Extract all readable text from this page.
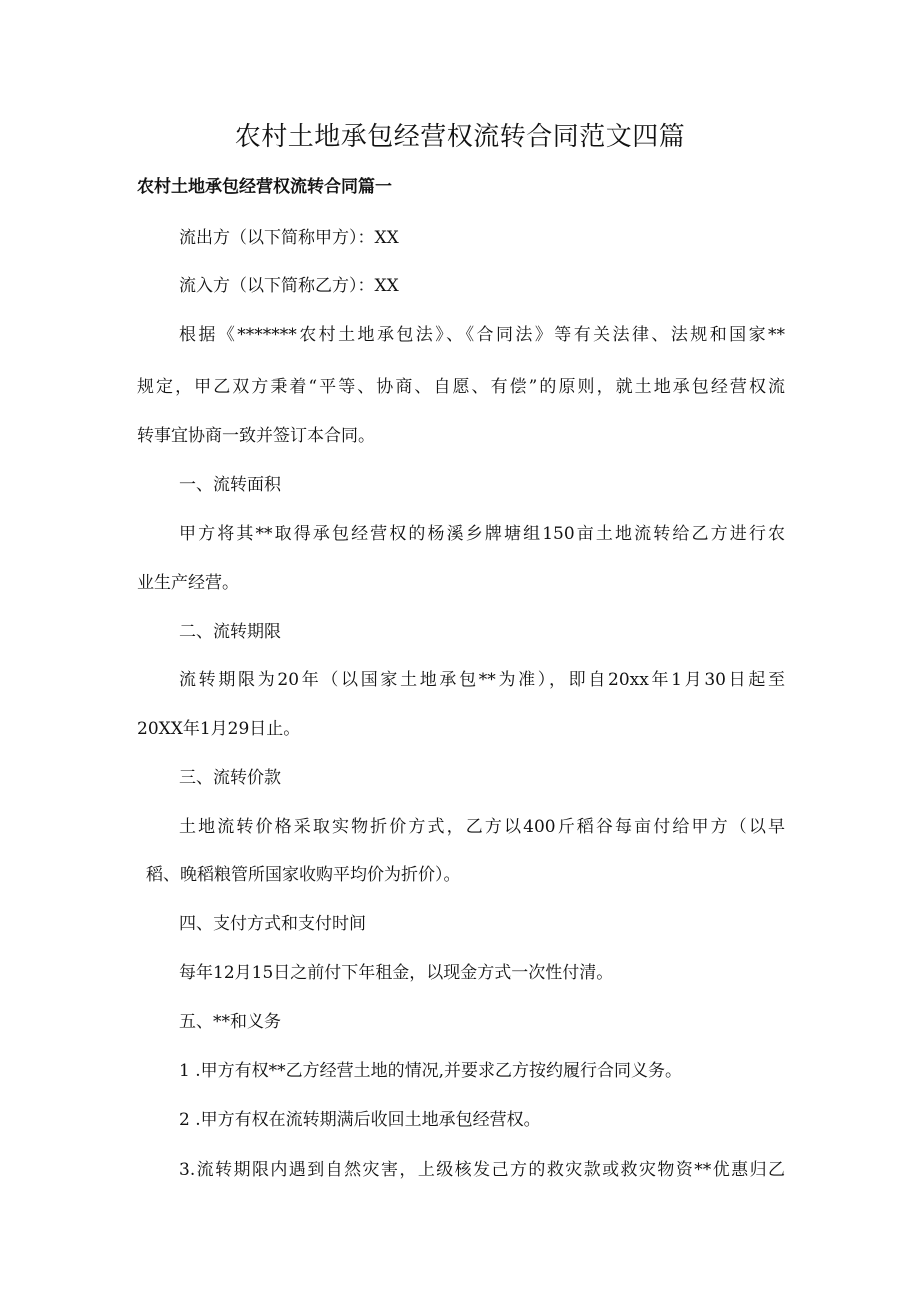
农村土地承包经营权流转合同范文四篇
农村土地承包经营权流转合同篇一
流出方（以下简称甲方）：XX
流入方（以下简称乙方）：XX
根据《*******农村土地承包法》、《合同法》等有关法律、法规和国家**
规定，甲乙双方秉着“平等、协商、自愿、有偿”的原则，就土地承包经营权流
转事宜协商一致并签订本合同。
一、流转面积
甲方将其**取得承包经营权的杨溪乡牌塘组150亩土地流转给乙方进行农
业生产经营。
二、流转期限
流转期限为20年（以国家土地承包**为准），即自20xx年1月30日起至
20XX年1月29日止。
三、流转价款
土地流转价格采取实物折价方式，乙方以400斤稻谷每亩付给甲方（以早
稻、晚稻粮管所国家收购平均价为折价）。
四、支付方式和支付时间
每年12月15日之前付下年租金，以现金方式一次性付清。
五、**和义务
1 .甲方有权**乙方经营土地的情况,并要求乙方按约履行合同义务。
2 .甲方有权在流转期满后收回土地承包经营权。
3.流转期限内遇到自然灾害，上级核发己方的救灾款或救灾物资**优惠归乙
